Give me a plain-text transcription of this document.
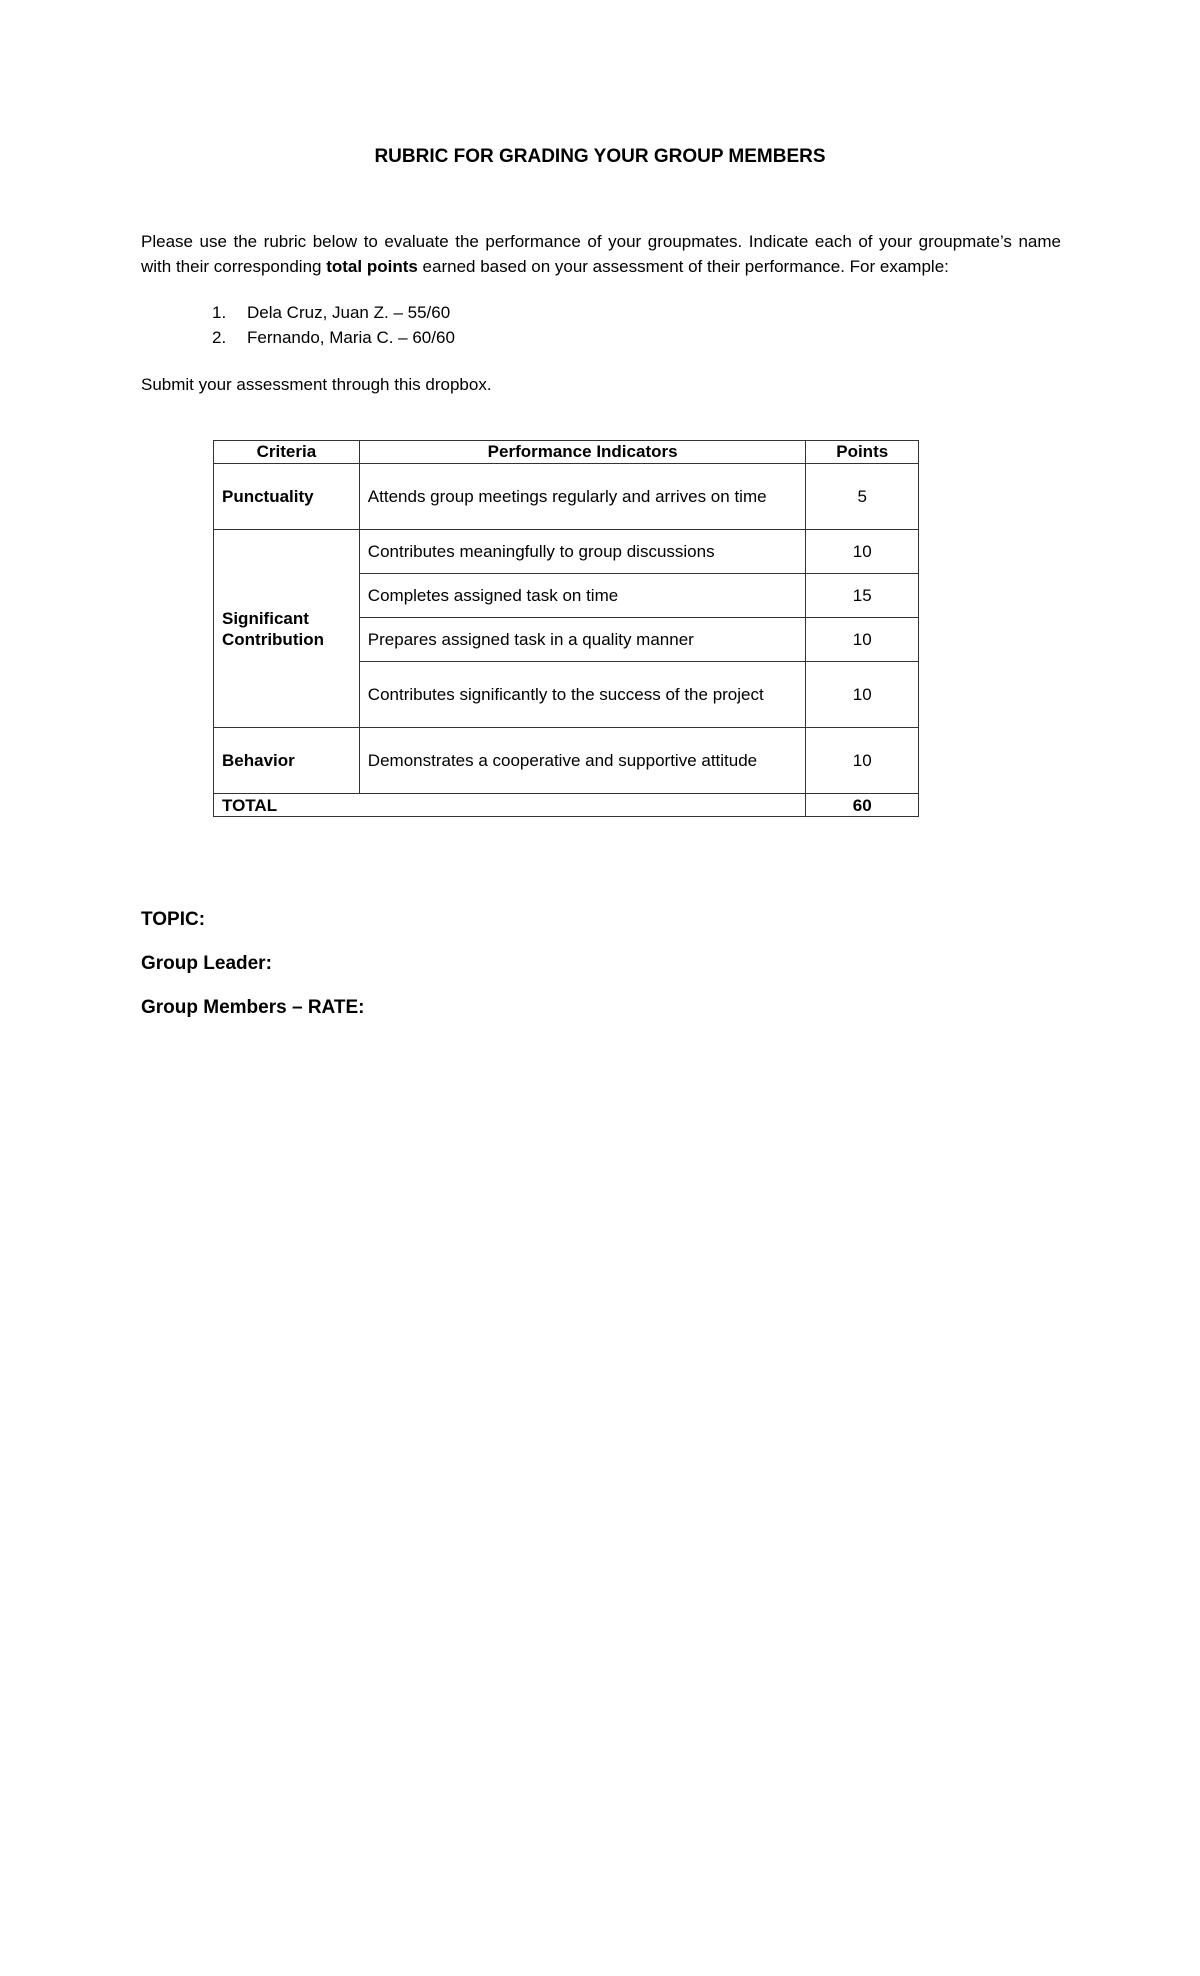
RUBRIC FOR GRADING YOUR GROUP MEMBERS

Please use the rubric below to evaluate the performance of your groupmates. Indicate each of your groupmate’s name with their corresponding total points earned based on your assessment of their performance. For example:

1. Dela Cruz, Juan Z. – 55/60
2. Fernando, Maria C. – 60/60
Submit your assessment through this dropbox.
Criteria	Performance Indicators	Points
Punctuality	Attends group meetings regularly and arrives on time	5
Significant Contribution	Contributes meaningfully to group discussions	10
	Completes assigned task on time	15
	Prepares assigned task in a quality manner	10
	Contributes significantly to the success of the project	10
Behavior	Demonstrates a cooperative and supportive attitude	10
TOTAL		60
TOPIC:
Group Leader:
Group Members – RATE:
